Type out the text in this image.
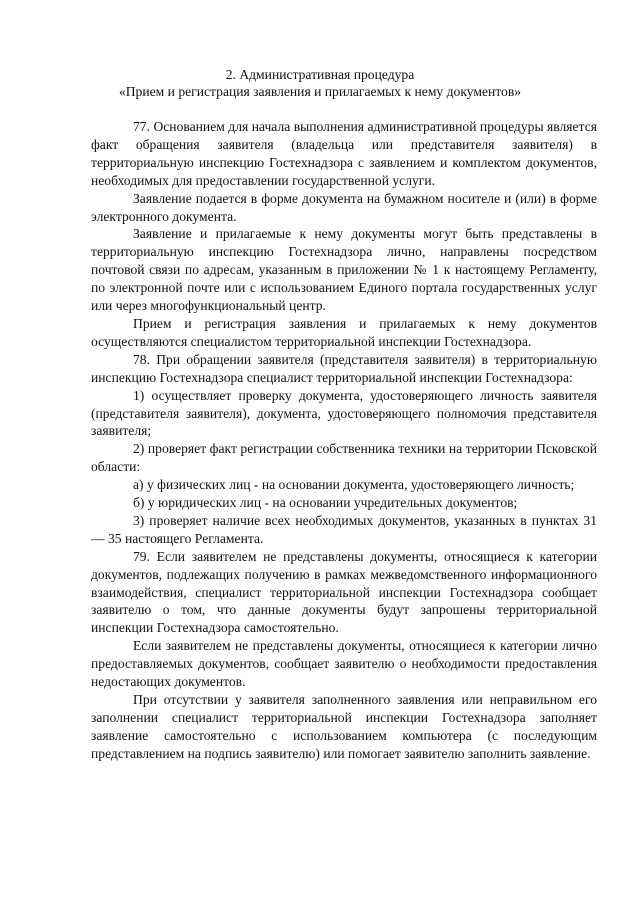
2. Административная процедура
«Прием и регистрация заявления и прилагаемых к нему документов»

77. Основанием для начала выполнения административной процедуры является факт обращения заявителя (владельца или представителя заявителя) в территориальную инспекцию Гостехнадзора с заявлением и комплектом документов, необходимых для предоставлении государственной услуги.

Заявление подается в форме документа на бумажном носителе и (или) в форме электронного документа.

Заявление и прилагаемые к нему документы могут быть представлены в территориальную инспекцию Гостехнадзора лично, направлены посредством почтовой связи по адресам, указанным в приложении № 1 к настоящему Регламенту, по электронной почте или с использованием Единого портала государственных услуг или через многофункциональный центр.

Прием и регистрация заявления и прилагаемых к нему документов осуществляются специалистом территориальной инспекции Гостехнадзора.

78. При обращении заявителя (представителя заявителя) в территориальную инспекцию Гостехнадзора специалист территориальной инспекции Гостехнадзора:

1) осуществляет проверку документа, удостоверяющего личность заявителя (представителя заявителя), документа, удостоверяющего полномочия представителя заявителя;

2) проверяет факт регистрации собственника техники на территории Псковской области:

а) у физических лиц - на основании документа, удостоверяющего личность;

б) у юридических лиц - на основании учредительных документов;

3) проверяет наличие всех необходимых документов, указанных в пунктах 31 — 35 настоящего Регламента.

79. Если заявителем не представлены документы, относящиеся к категории документов, подлежащих получению в рамках межведомственного информационного взаимодействия, специалист территориальной инспекции Гостехнадзора сообщает заявителю о том, что данные документы будут запрошены территориальной инспекции Гостехнадзора самостоятельно.

Если заявителем не представлены документы, относящиеся к категории лично предоставляемых документов, сообщает заявителю о необходимости предоставления недостающих документов.

При отсутствии у заявителя заполненного заявления или неправильном его заполнении специалист территориальной инспекции Гостехнадзора заполняет заявление самостоятельно с использованием компьютера (с последующим представлением на подпись заявителю) или помогает заявителю заполнить заявление.
